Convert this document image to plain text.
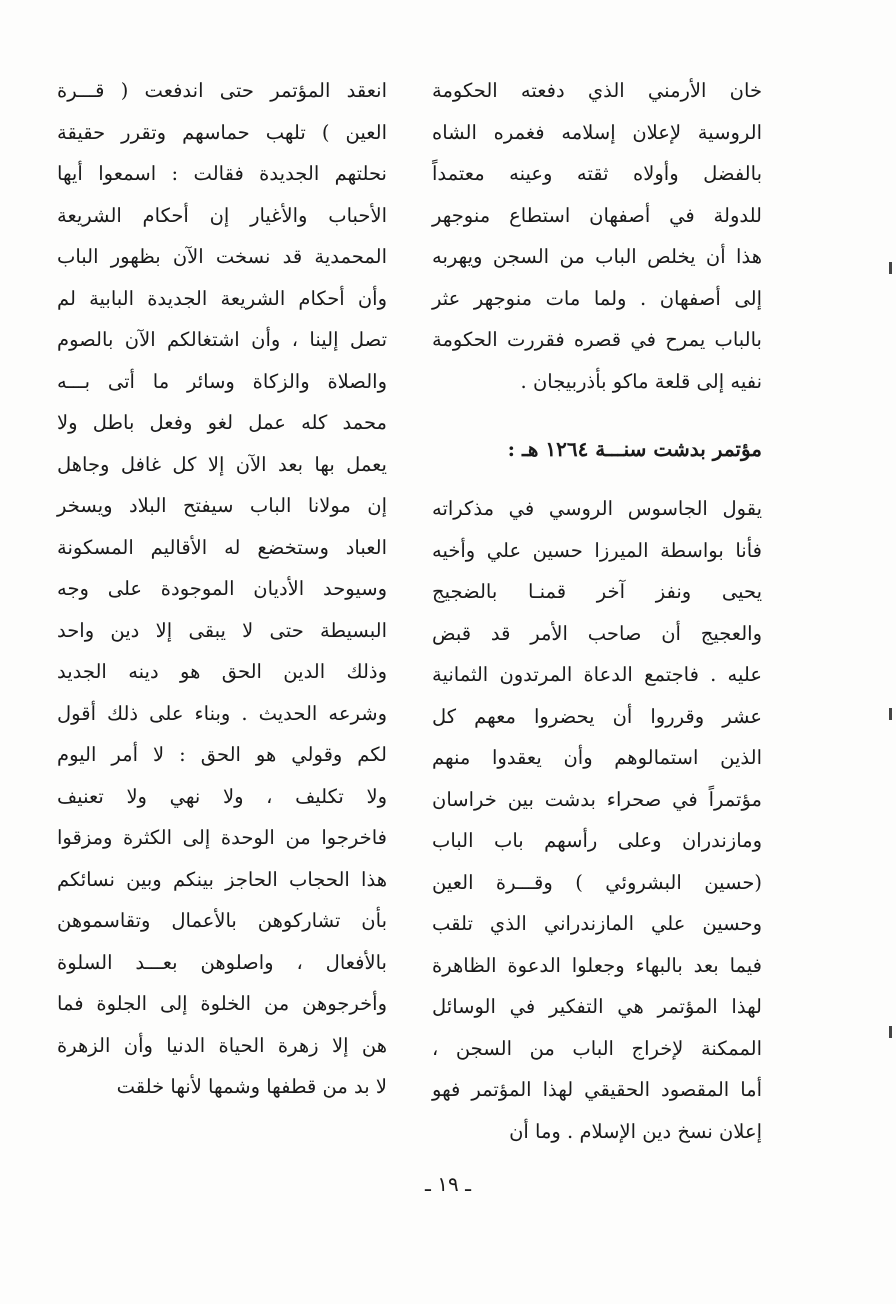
خان الأرمني الذي دفعته الحكومة
الروسية لإعلان إسلامه فغمره الشاه
بالفضل وأولاه ثقته وعينه معتمداً
للدولة في أصفهان استطاع منوجهر
هذا أن يخلص الباب من السجن ويهربه
إلى أصفهان . ولما مات منوجهر عثر
بالباب يمرح في قصره فقررت الحكومة
نفيه إلى قلعة ماكو بأذربيجان .
مؤتمر بدشت سنـــة ١٢٦٤ هـ :
يقول الجاسوس الروسي في مذكراته
فأنا بواسطة الميرزا حسين علي وأخيه
يحيى ونفز آخر قمنـا بالضجيج
والعجيج أن صاحب الأمر قد قبض
عليه . فاجتمع الدعاة المرتدون الثمانية
عشر وقرروا أن يحضروا معهم كل
الذين استمالوهم وأن يعقدوا منهم
مؤتمراً في صحراء بدشت بين خراسان
ومازندران وعلى رأسهم باب الباب
(حسين البشروئي ) وقـــرة العين
وحسين علي المازندراني الذي تلقب
فيما بعد بالبهاء وجعلوا الدعوة الظاهرة
لهذا المؤتمر هي التفكير في الوسائل
الممكنة لإخراج الباب من السجن ،
أما المقصود الحقيقي لهذا المؤتمر فهو
إعلان نسخ دين الإسلام . وما أن
انعقد المؤتمر حتى اندفعت ( قـــرة
العين ) تلهب حماسهم وتقرر حقيقة
نحلتهم الجديدة فقالت : اسمعوا أيها
الأحباب والأغيار إن أحكام الشريعة
المحمدية قد نسخت الآن بظهور الباب
وأن أحكام الشريعة الجديدة البابية لم
تصل إلينا ، وأن اشتغالكم الآن بالصوم
والصلاة والزكاة وسائر ما أتى بـــه
محمد كله عمل لغو وفعل باطل ولا
يعمل بها بعد الآن إلا كل غافل وجاهل
إن مولانا الباب سيفتح البلاد ويسخر
العباد وستخضع له الأقاليم المسكونة
وسيوحد الأديان الموجودة على وجه
البسيطة حتى لا يبقى إلا دين واحد
وذلك الدين الحق هو دينه الجديد
وشرعه الحديث . وبناء على ذلك أقول
لكم وقولي هو الحق : لا أمر اليوم
ولا تكليف ، ولا نهي ولا تعنيف
فاخرجوا من الوحدة إلى الكثرة ومزقوا
هذا الحجاب الحاجز بينكم وبين نسائكم
بأن تشاركوهن بالأعمال وتقاسموهن
بالأفعال ، واصلوهن بعـــد السلوة
وأخرجوهن من الخلوة إلى الجلوة فما
هن إلا زهرة الحياة الدنيا وأن الزهرة
لا بد من قطفها وشمها لأنها خلقت
ـ ١٩ ـ
